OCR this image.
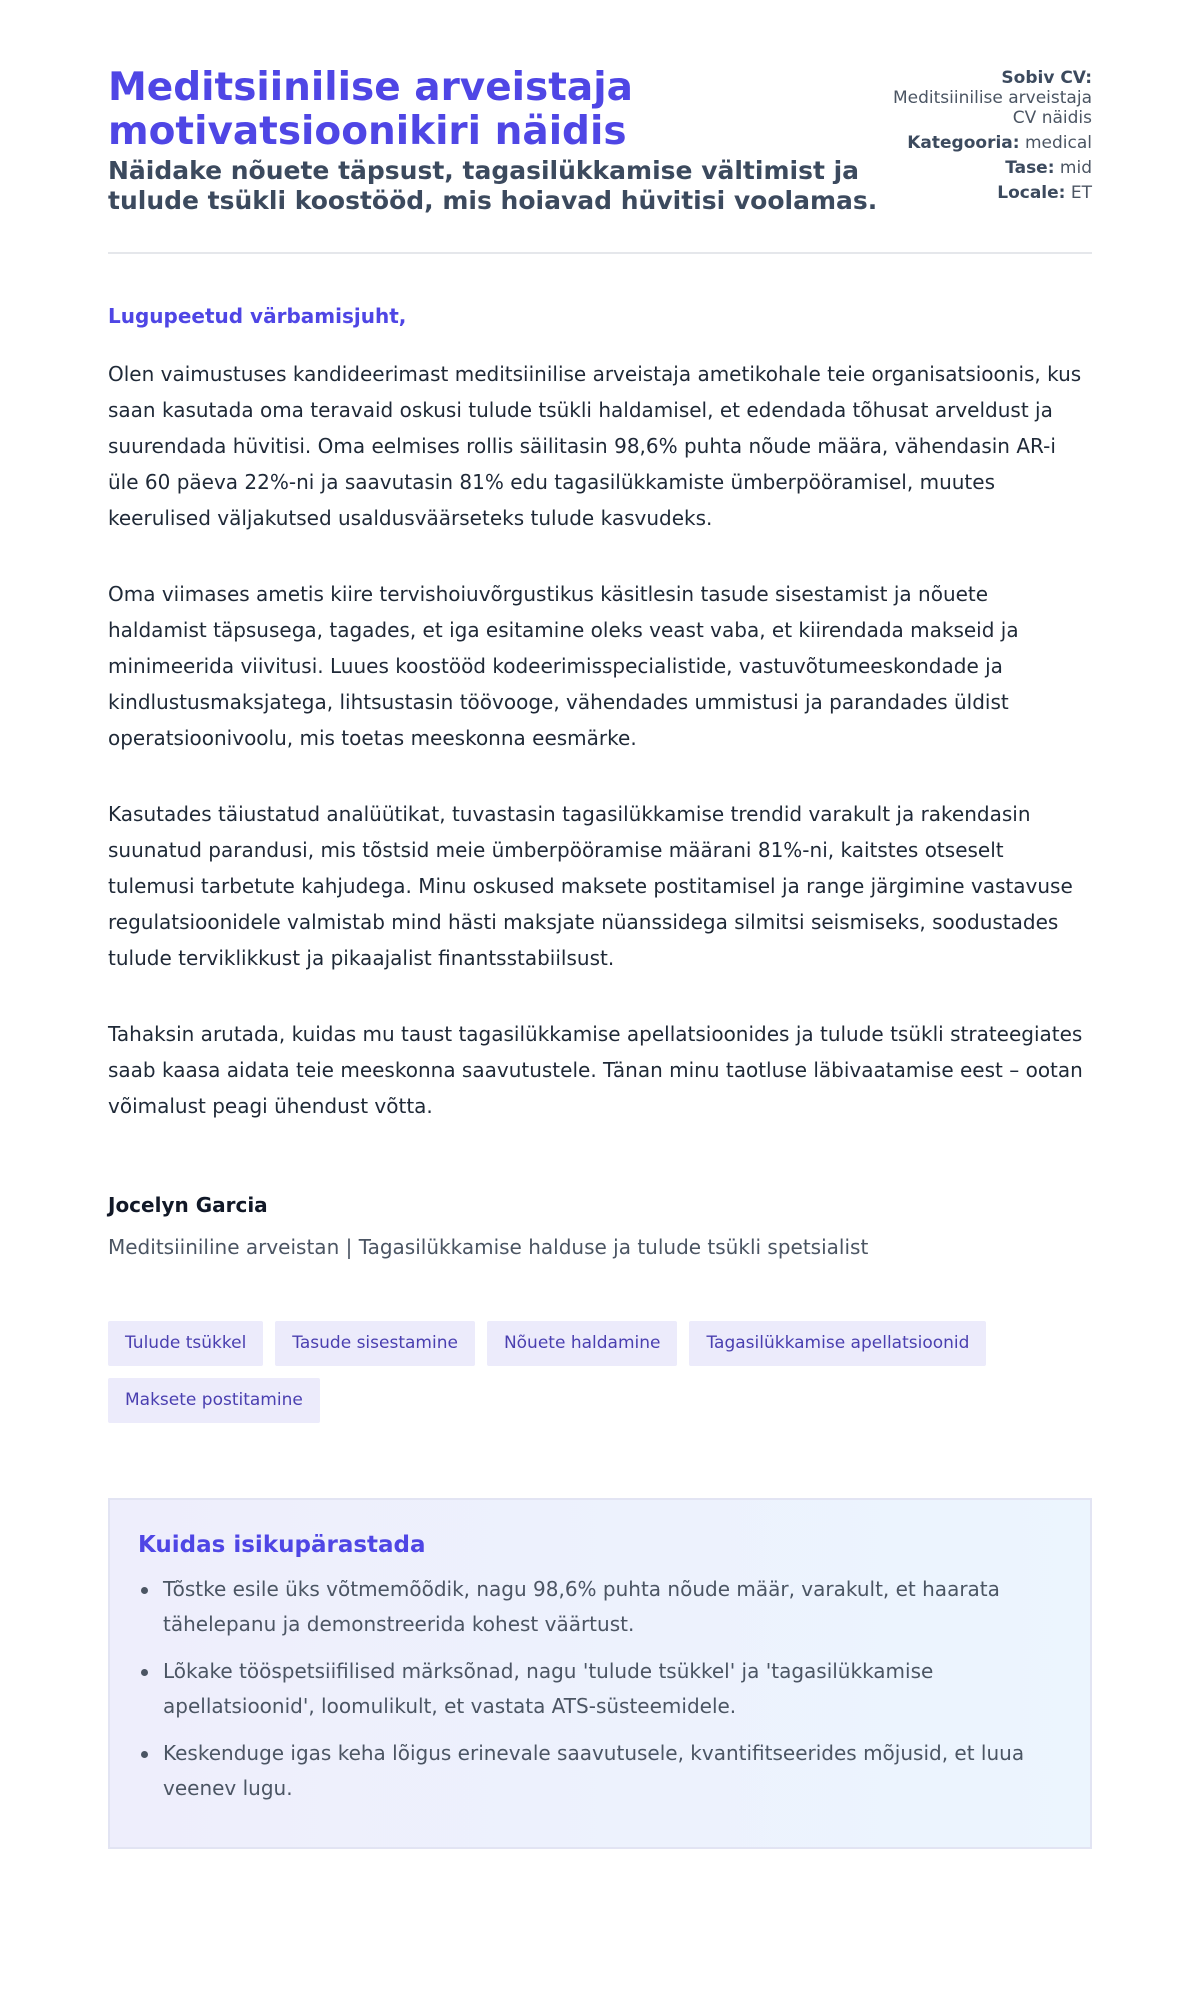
Meditsiinilise arveistaja motivatsioonikiri näidis
Näidake nõuete täpsust, tagasilükkamise vältimist ja tulude tsükli koostööd, mis hoiavad hüvitisi voolamas.
Sobiv CV:
Meditsiinilise arveistaja CV näidis
Kategooria: medical
Tase: mid
Locale: ET

Lugupeetud värbamisjuht,

Olen vaimustuses kandideerimast meditsiinilise arveistaja ametikohale teie organisatsioonis, kus saan kasutada oma teravaid oskusi tulude tsükli haldamisel, et edendada tõhusat arveldust ja suurendada hüvitisi. Oma eelmises rollis säilitasin 98,6% puhta nõude määra, vähendasin AR-i üle 60 päeva 22%-ni ja saavutasin 81% edu tagasilükkamiste ümberpööramisel, muutes keerulised väljakutsed usaldusväärseteks tulude kasvudeks.

Oma viimases ametis kiire tervishoiuvõrgustikus käsitlesin tasude sisestamist ja nõuete haldamist täpsusega, tagades, et iga esitamine oleks veast vaba, et kiirendada makseid ja minimeerida viivitusi. Luues koostööd kodeerimisspecialistide, vastuvõtumeeskondade ja kindlustusmaksjatega, lihtsustasin töövooge, vähendades ummistusi ja parandades üldist operatsioonivoolu, mis toetas meeskonna eesmärke.

Kasutades täiustatud analüütikat, tuvastasin tagasilükkamise trendid varakult ja rakendasin suunatud parandusi, mis tõstsid meie ümberpööramise määrani 81%-ni, kaitstes otseselt tulemusi tarbetute kahjudega. Minu oskused maksete postitamisel ja range järgimine vastavuse regulatsioonidele valmistab mind hästi maksjate nüanssidega silmitsi seismiseks, soodustades tulude terviklikkust ja pikaajalist finantsstabiilsust.

Tahaksin arutada, kuidas mu taust tagasilükkamise apellatsioonides ja tulude tsükli strateegiates saab kaasa aidata teie meeskonna saavutustele. Tänan minu taotluse läbivaatamise eest – ootan võimalust peagi ühendust võtta.

Jocelyn Garcia
Meditsiiniline arveistan | Tagasilükkamise halduse ja tulude tsükli spetsialist
Tulude tsükkel	Tasude sisestamine	Nõuete haldamine	Tagasilükkamise apellatsioonid
Maksete postitamine
Kuidas isikupärastada
Tõstke esile üks võtmemõõdik, nagu 98,6% puhta nõude määr, varakult, et haarata tähelepanu ja demonstreerida kohest väärtust.
Lõkake tööspetsiifilised märksõnad, nagu 'tulude tsükkel' ja 'tagasilükkamise apellatsioonid', loomulikult, et vastata ATS-süsteemidele.
Keskenduge igas keha lõigus erinevale saavutusele, kvantifitseerides mõjusid, et luua veenev lugu.
